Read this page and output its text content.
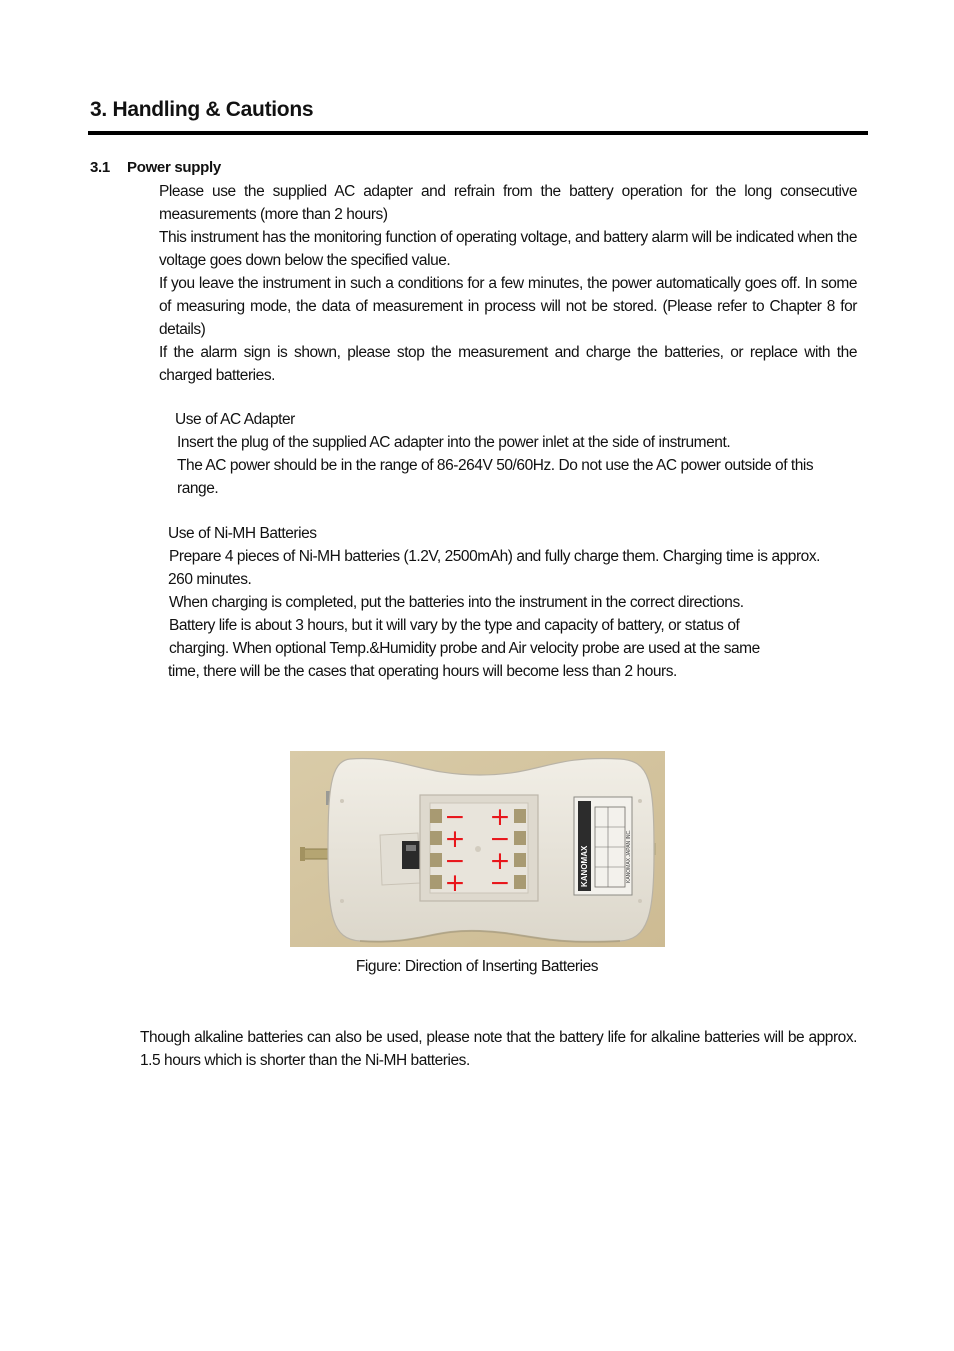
3. Handling & Cautions
3.1 Power supply

Please use the supplied AC adapter and refrain from the battery operation for the long consecutive measurements (more than 2 hours)

This instrument has the monitoring function of operating voltage, and battery alarm will be indicated when the voltage goes down below the specified value.

If you leave the instrument in such a conditions for a few minutes, the power automatically goes off. In some of measuring mode, the data of measurement in process will not be stored. (Please refer to Chapter 8 for details)

If the alarm sign is shown, please stop the measurement and charge the batteries, or replace with the charged batteries.

Use of AC Adapter
Insert the plug of the supplied AC adapter into the power inlet at the side of instrument.
The AC power should be in the range of 86-264V 50/60Hz. Do not use the AC power outside of this
range.
Use of Ni-MH Batteries
Prepare 4 pieces of Ni-MH batteries (1.2V, 2500mAh) and fully charge them. Charging time is approx.
260 minutes.
When charging is completed, put the batteries into the instrument in the correct directions.
Battery life is about 3 hours, but it will vary by the type and capacity of battery, or status of
charging. When optional Temp.&Humidity probe and Air velocity probe are used at the same
time, there will be the cases that operating hours will become less than 2 hours.
KANOMAX	KANOMAX JAPAN INC.
−
+
−
+
+
−
+
−
Figure: Direction of Inserting Batteries
Though alkaline batteries can also be used, please note that the battery life for alkaline batteries will be approx. 1.5 hours which is shorter than the Ni-MH batteries.
